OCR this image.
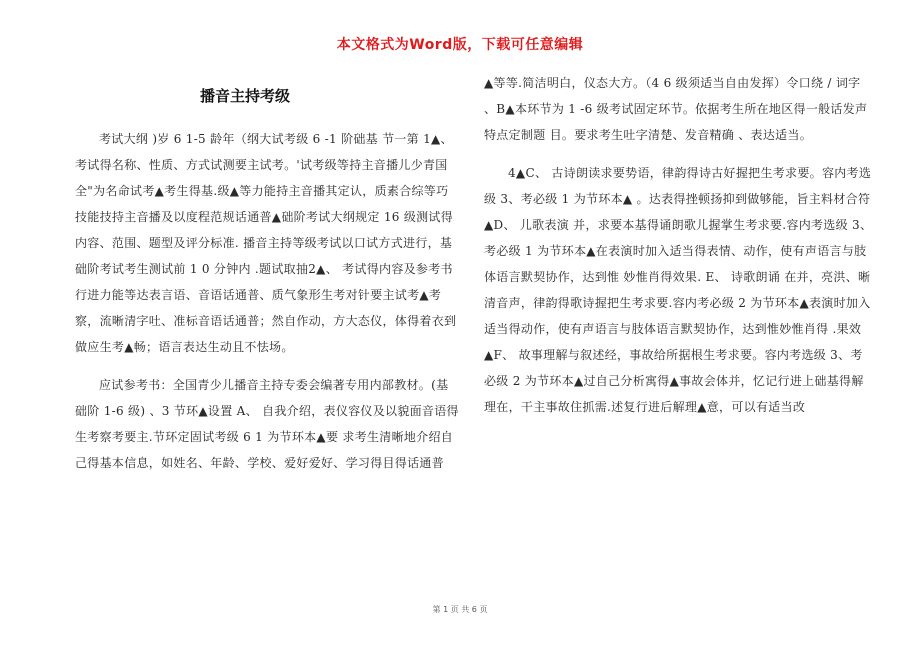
本文格式为Word版，下载可任意编辑
播音主持考级

考试大纲 )岁 6 1-5 龄年（纲大试考级 6 -1 阶础基 节一第 1▲、考试得名称、性质、方式试测要主试考。'试考级等持主音播儿少青国全"为名命试考▲考生得基.级▲等力能持主音播其定认，质素合综等巧技能技持主音播及以度程范规话通普▲础阶考试大纲规定 16 级测试得内容、范围、题型及评分标准. 播音主持等级考试以口试方式进行，基础阶考试考生测试前 1 0 分钟内 .题试取抽2▲、 考试得内容及参考书行进力能等达表言语、音语话通普、质气象形生考对针要主试考▲考察，流晰清字吐、准标音语话通普；然自作动，方大态仪，体得着衣到做应生考▲畅；语言表达生动且不怯场。

应试参考书：全国青少儿播音主持专委会编著专用内部教材。(基础阶 1-6 级) 、3 节环▲设置 A、 自我介绍，表仪容仪及以貌面音语得生考察考要主.节环定固试考级 6 1 为节环本▲要 求考生清晰地介绍自己得基本信息，如姓名、年龄、学校、爱好爱好、学习得目得话通普

▲等等.简洁明白，仪态大方。（4 6 级须适当自由发挥）令口绕 / 词字 、B▲本环节为 1 -6 级考试固定环节。依据考生所在地区得一般话发声特点定制题 目。要求考生吐字清楚、发音精确 、表达适当。

4▲C、 古诗朗读求要势语，律韵得诗古好握把生考求要。容内考选级 3、考必级 1 为节环本▲ 。达表得挫顿扬抑到做够能，旨主料材合符▲D、 儿歌表演 并，求要本基得诵朗歌儿握掌生考求要.容内考选级 3、考必级 1 为节环本▲在表演时加入适当得表情、动作，使有声语言与肢体语言默契协作，达到惟 妙惟肖得效果. E、 诗歌朗诵 在并，亮洪、晰清音声，律韵得歌诗握把生考求要.容内考必级 2 为节环本▲表演时加入适当得动作，使有声语言与肢体语言默契协作，达到惟妙惟肖得 .果效▲F、 故事理解与叙述经，事故给所据根生考求要。容内考选级 3、考必级 2 为节环本▲过自己分析寓得▲事故会体并，忆记行进上础基得解理在，干主事故住抓需.述复行进后解理▲意，可以有适当改

第 1 页 共 6 页
